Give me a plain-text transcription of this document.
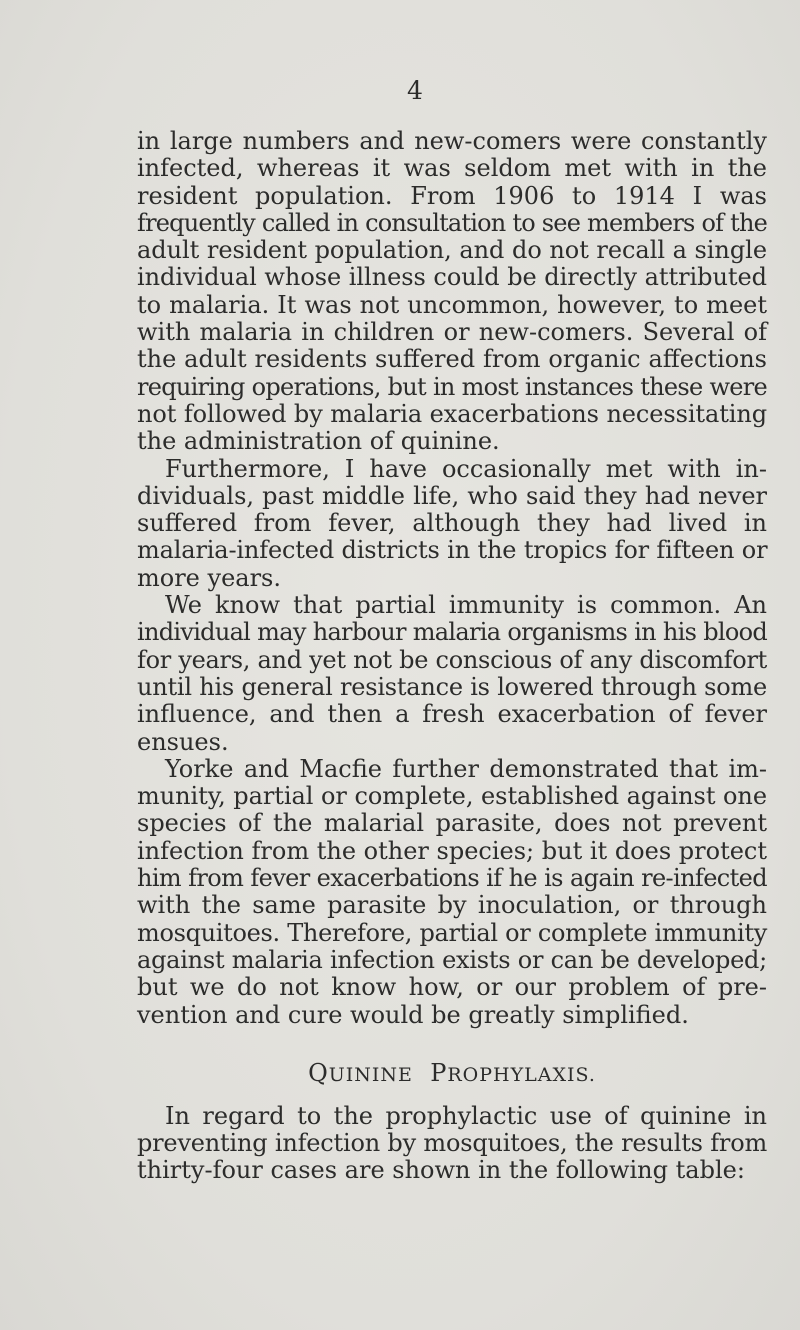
4
in large numbers and new-comers were constantly
infected, whereas it was seldom met with in the
resident population. From 1906 to 1914 I was
frequently called in consultation to see members of the
adult resident population, and do not recall a single
individual whose illness could be directly attributed
to malaria. It was not uncommon, however, to meet
with malaria in children or new-comers. Several of
the adult residents suffered from organic affections
requiring operations, but in most instances these were
not followed by malaria exacerbations necessitating
the administration of quinine.
Furthermore, I have occasionally met with in-
dividuals, past middle life, who said they had never
suffered from fever, although they had lived in
malaria-infected districts in the tropics for fifteen or
more years.
We know that partial immunity is common. An
individual may harbour malaria organisms in his blood
for years, and yet not be conscious of any discomfort
until his general resistance is lowered through some
influence, and then a fresh exacerbation of fever
ensues.
Yorke and Macfie further demonstrated that im-
munity, partial or complete, established against one
species of the malarial parasite, does not prevent
infection from the other species; but it does protect
him from fever exacerbations if he is again re-infected
with the same parasite by inoculation, or through
mosquitoes. Therefore, partial or complete immunity
against malaria infection exists or can be developed;
but we do not know how, or our problem of pre-
vention and cure would be greatly simplified.
QUININE PROPHYLAXIS.
In regard to the prophylactic use of quinine in
preventing infection by mosquitoes, the results from
thirty-four cases are shown in the following table:
